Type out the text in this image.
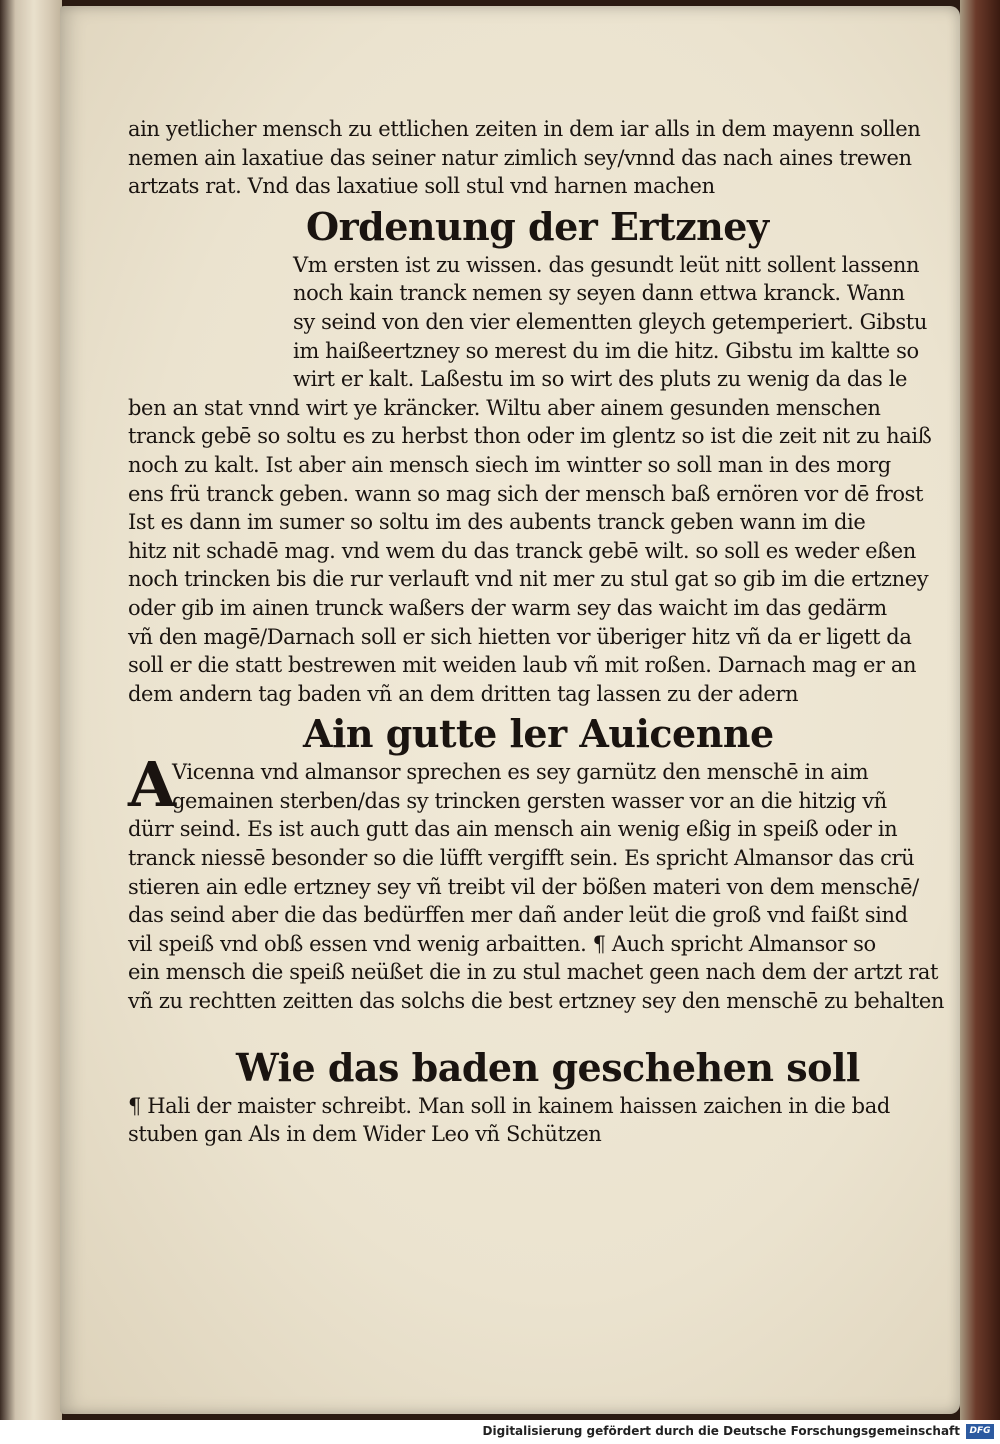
ain yetlicher mensch zu ettlichen zeiten in dem iar alls in dem mayenn sollen
nemen ain laxatiue das seiner natur zimlich sey/vnnd das nach aines trewen
artzats rat. Vnd das laxatiue soll stul vnd harnen machen
Ordenung der Ertzney
Vm ersten ist zu wissen. das gesundt leüt nitt sollent lassenn
noch kain tranck nemen sy seyen dann ettwa kranck. Wann
sy seind von den vier elementten gleych getemperiert. Gibstu
im haißeertzney so merest du im die hitz. Gibstu im kaltte so
wirt er kalt. Laßestu im so wirt des pluts zu wenig da das le
ben an stat vnnd wirt ye kräncker. Wiltu aber ainem gesunden menschen
tranck gebē so soltu es zu herbst thon oder im glentz so ist die zeit nit zu haiß
noch zu kalt. Ist aber ain mensch siech im wintter so soll man in des morg
ens frü tranck geben. wann so mag sich der mensch baß ernören vor dē frost
Ist es dann im sumer so soltu im des aubents tranck geben wann im die
hitz nit schadē mag. vnd wem du das tranck gebē wilt. so soll es weder eßen
noch trincken bis die rur verlauft vnd nit mer zu stul gat so gib im die ertzney
oder gib im ainen trunck waßers der warm sey das waicht im das gedärm
vñ den magē/Darnach soll er sich hietten vor überiger hitz vñ da er ligett da
soll er die statt bestrewen mit weiden laub vñ mit roßen. Darnach mag er an
dem andern tag baden vñ an dem dritten tag lassen zu der adern
Ain gutte ler Auicenne
A
Vicenna vnd almansor sprechen es sey garnütz den menschē in aim
gemainen sterben/das sy trincken gersten wasser vor an die hitzig vñ
dürr seind. Es ist auch gutt das ain mensch ain wenig eßig in speiß oder in
tranck niessē besonder so die lüfft vergifft sein. Es spricht Almansor das crü
stieren ain edle ertzney sey vñ treibt vil der bößen materi von dem menschē/
das seind aber die das bedürffen mer dañ ander leüt die groß vnd faißt sind
vil speiß vnd obß essen vnd wenig arbaitten. ¶ Auch spricht Almansor so
ein mensch die speiß neüßet die in zu stul machet geen nach dem der artzt rat
vñ zu rechtten zeitten das solchs die best ertzney sey den menschē zu behalten
Wie das baden geschehen soll
¶ Hali der maister schreibt. Man soll in kainem haissen zaichen in die bad
stuben gan Als in dem Wider Leo vñ Schützen
Digitalisierung gefördert durch die Deutsche Forschungsgemeinschaft	DFG
